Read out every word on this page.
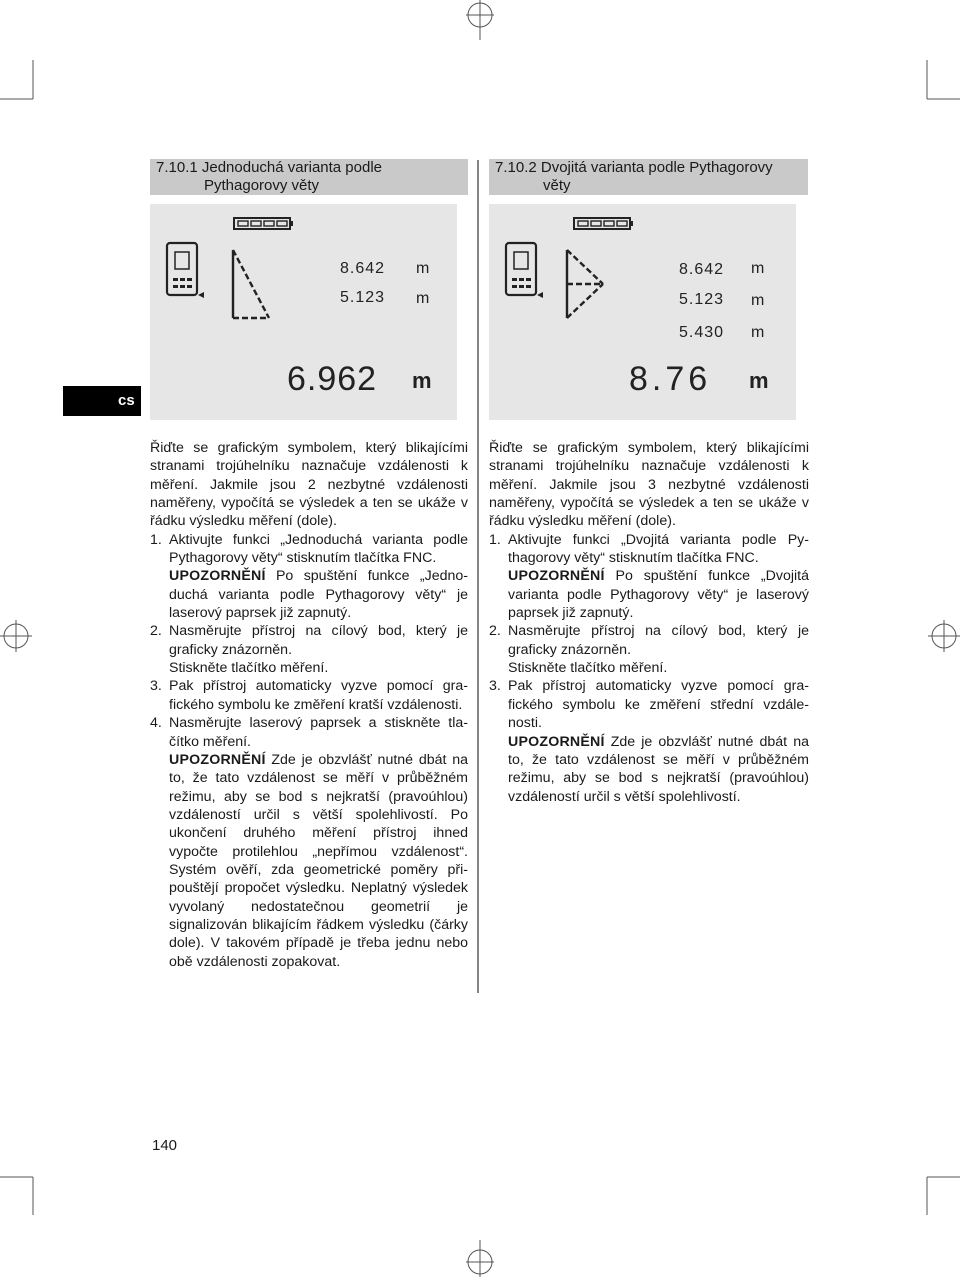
cs
7.10.1 Jednoduchá varianta podle
Pythagorovy věty
7.10.2 Dvojitá varianta podle Pythagorovy
věty
8.642 m
5.123 m
6.962 m
8.642 m
5.123 m
5.430 m
8.76 m

Řiďte se grafickým symbolem, který blikajícími stranami trojúhelníku naznačuje vzdálenosti k měření. Jakmile jsou 2 nezbytné vzdálenosti naměřeny, vypočítá se výsledek a ten se ukáže v řádku výsledku měření (dole).

1. Aktivujte funkci „Jednoduchá varianta podle Pythagorovy věty“ stisknutím tlačítka FNC.

UPOZORNĚNÍ Po spuštění funkce „Jednoduchá varianta podle Pythagorovy věty“ je laserový paprsek již zapnutý.

2. Nasměrujte přístroj na cílový bod, který je graficky znázorněn.

Stiskněte tlačítko měření.

3. Pak přístroj automaticky vyzve pomocí grafického symbolu ke změření kratší vzdálenosti.
4. Nasměrujte laserový paprsek a stiskněte tlačítko měření.

UPOZORNĚNÍ Zde je obzvlášť nutné dbát na to, že tato vzdálenost se měří v průběžném režimu, aby se bod s nejkratší (pravoúhlou) vzdáleností určil s větší spolehlivostí. Po ukončení druhého měření přístroj ihned vypočte protilehlou „nepřímou vzdálenost“. Systém ověří, zda geometrické poměry připouštějí propočet výsledku. Neplatný výsledek vyvolaný nedostatečnou geometrií je signalizován blikajícím řádkem výsledku (čárky dole). V takovém případě je třeba jednu nebo obě vzdálenosti zopakovat.

Řiďte se grafickým symbolem, který blikajícími stranami trojúhelníku naznačuje vzdálenosti k měření. Jakmile jsou 3 nezbytné vzdálenosti naměřeny, vypočítá se výsledek a ten se ukáže v řádku výsledku měření (dole).

1. Aktivujte funkci „Dvojitá varianta podle Pythagorovy věty“ stisknutím tlačítka FNC.

UPOZORNĚNÍ Po spuštění funkce „Dvojitá varianta podle Pythagorovy věty“ je laserový paprsek již zapnutý.

2. Nasměrujte přístroj na cílový bod, který je graficky znázorněn.

Stiskněte tlačítko měření.

3. Pak přístroj automaticky vyzve pomocí grafického symbolu ke změření střední vzdálenosti.

UPOZORNĚNÍ Zde je obzvlášť nutné dbát na to, že tato vzdálenost se měří v průběžném režimu, aby se bod s nejkratší (pravoúhlou) vzdáleností určil s větší spolehlivostí.

140
